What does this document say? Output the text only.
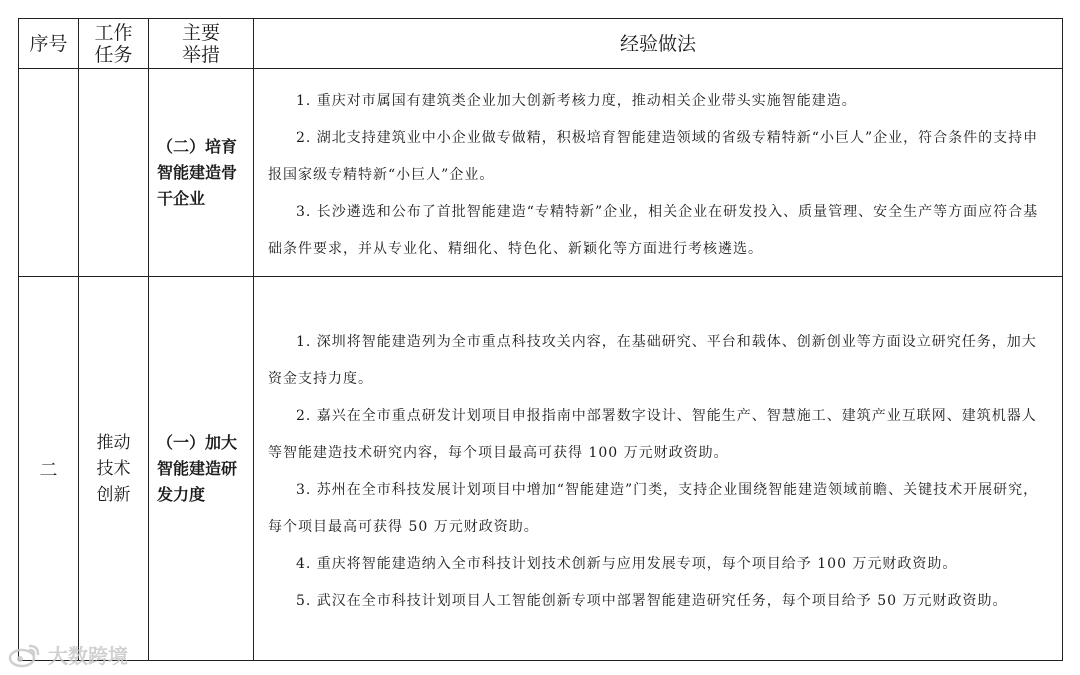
序号	工作任务	主要举措	经验做法
		（二）培育智能建造骨干企业	1. 重庆对市属国有建筑类企业加大创新考核力度，推动相关企业带头实施智能建造。

2. 湖北支持建筑业中小企业做专做精，积极培育智能建造领域的省级专精特新“小巨人”企业，符合条件的支持申报国家级专精特新“小巨人”企业。

3. 长沙遴选和公布了首批智能建造“专精特新”企业，相关企业在研发投入、质量管理、安全生产等方面应符合基础条件要求，并从专业化、精细化、特色化、新颖化等方面进行考核遴选。

二	推动技术创新	（一）加大智能建造研发力度	1. 深圳将智能建造列为全市重点科技攻关内容，在基础研究、平台和载体、创新创业等方面设立研究任务，加大资金支持力度。

2. 嘉兴在全市重点研发计划项目申报指南中部署数字设计、智能生产、智慧施工、建筑产业互联网、建筑机器人等智能建造技术研究内容，每个项目最高可获得 100 万元财政资助。

3. 苏州在全市科技发展计划项目中增加“智能建造”门类，支持企业围绕智能建造领域前瞻、关键技术开展研究，每个项目最高可获得 50 万元财政资助。

4. 重庆将智能建造纳入全市科技计划技术创新与应用发展专项，每个项目给予 100 万元财政资助。

5. 武汉在全市科技计划项目人工智能创新专项中部署智能建造研究任务，每个项目给予 50 万元财政资助。

大数跨境
